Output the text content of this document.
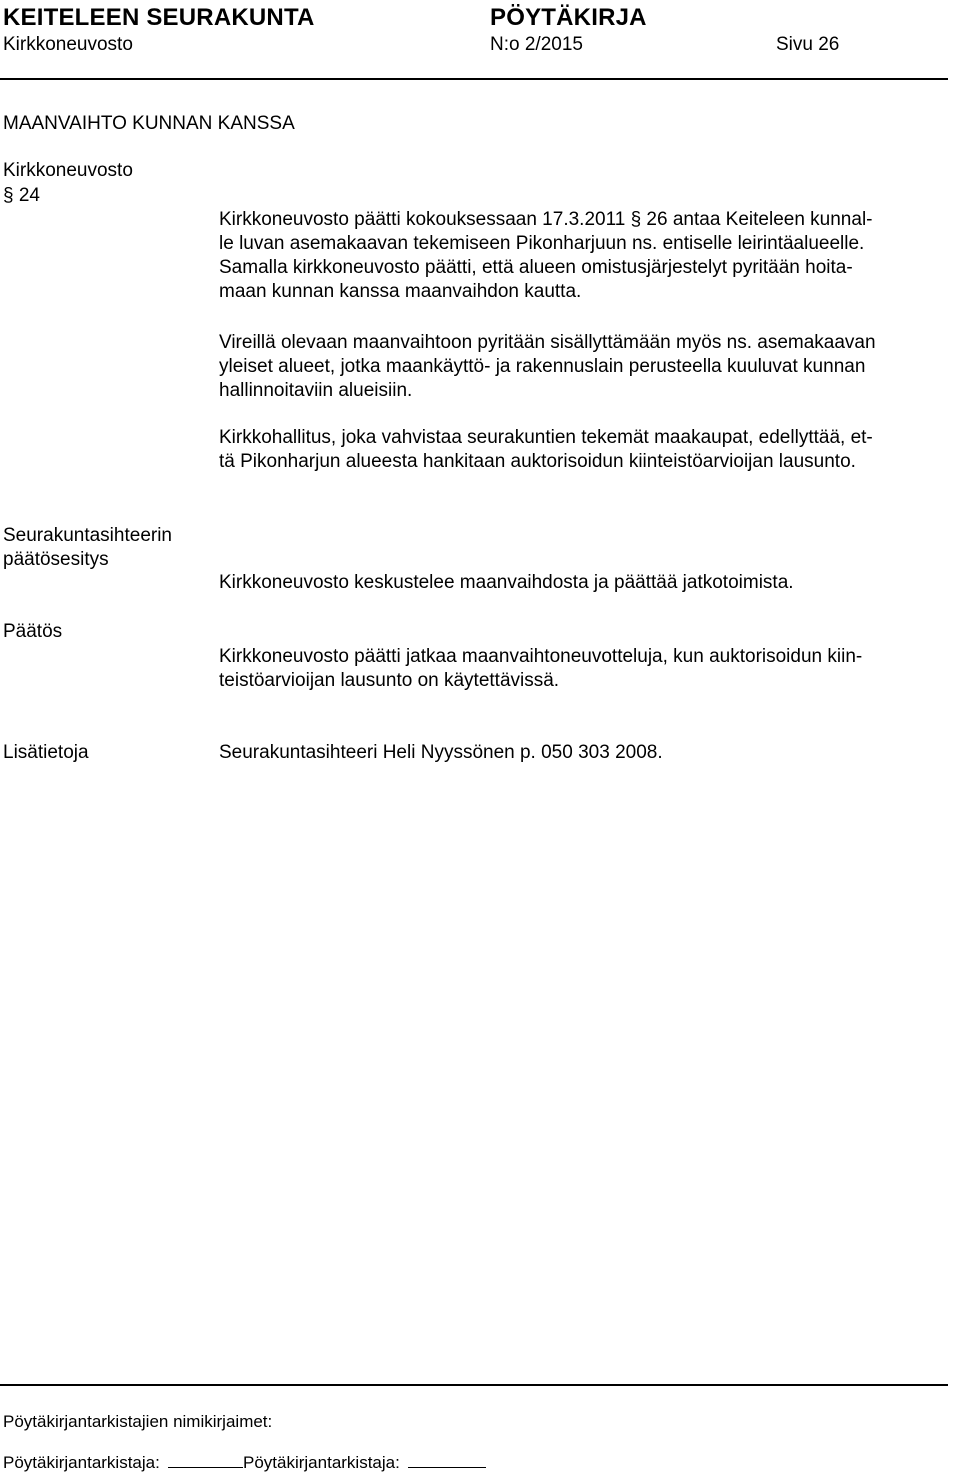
KEITELEEN SEURAKUNTA	PÖYTÄKIRJA
Kirkkoneuvosto	N:o 2/2015	Sivu 26
MAANVAIHTO KUNNAN KANSSA
Kirkkoneuvosto
§ 24
Kirkkoneuvosto päätti kokouksessaan 17.3.2011 § 26 antaa Keiteleen kunnal-
le luvan asemakaavan tekemiseen Pikonharjuun ns. entiselle leirintäalueelle.
Samalla kirkkoneuvosto päätti, että alueen omistusjärjestelyt pyritään hoita-
maan kunnan kanssa maanvaihdon kautta.
Vireillä olevaan maanvaihtoon pyritään sisällyttämään myös ns. asemakaavan
yleiset alueet, jotka maankäyttö- ja rakennuslain perusteella kuuluvat kunnan
hallinnoitaviin alueisiin.
Kirkkohallitus, joka vahvistaa seurakuntien tekemät maakaupat, edellyttää, et-
tä Pikonharjun alueesta hankitaan auktorisoidun kiinteistöarvioijan lausunto.
Seurakuntasihteerin
päätösesitys
Kirkkoneuvosto keskustelee maanvaihdosta ja päättää jatkotoimista.
Päätös
Kirkkoneuvosto päätti jatkaa maanvaihtoneuvotteluja, kun auktorisoidun kiin-
teistöarvioijan lausunto on käytettävissä.
Lisätietoja	Seurakuntasihteeri Heli Nyyssönen p. 050 303 2008.
Pöytäkirjantarkistajien nimikirjaimet:
Pöytäkirjantarkistaja:	Pöytäkirjantarkistaja:
